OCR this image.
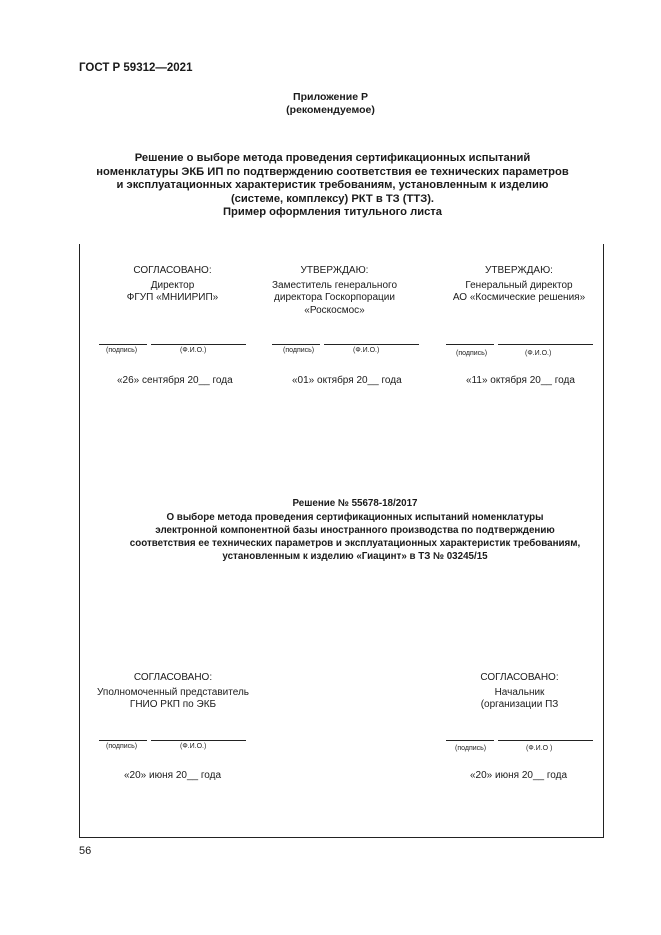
ГОСТ Р 59312—2021
Приложение Р
(рекомендуемое)
Решение о выборе метода проведения сертификационных испытаний
номенклатуры ЭКБ ИП по подтверждению соответствия ее технических параметров
и эксплуатационных характеристик требованиям, установленным к изделию
(системе, комплексу) РКТ в ТЗ (ТТЗ).
Пример оформления титульного листа
СОГЛАСОВАНО:
Директор
ФГУП «МНИИРИП»
(подпись)	(Ф.И.О.)
«26» сентября 20__ года
УТВЕРЖДАЮ:
Заместитель генерального
директора Госкорпорации
«Роскосмос»
(подпись)	(Ф.И.О.)
«01» октября 20__ года
УТВЕРЖДАЮ:
Генеральный директор
АО «Космические решения»
(подпись)	(Ф.И.О.)
«11» октября 20__ года
Решение № 55678-18/2017
О выборе метода проведения сертификационных испытаний номенклатуры
электронной компонентной базы иностранного производства по подтверждению
соответствия ее технических параметров и эксплуатационных характеристик требованиям,
установленным к изделию «Гиацинт» в ТЗ № 03245/15
СОГЛАСОВАНО:
Уполномоченный представитель
ГНИО РКП по ЭКБ
(подпись)	(Ф.И.О.)
«20» июня 20__ года
СОГЛАСОВАНО:
Начальник
(организации ПЗ
(подпись)	(Ф.И.О )
«20» июня 20__ года
56
